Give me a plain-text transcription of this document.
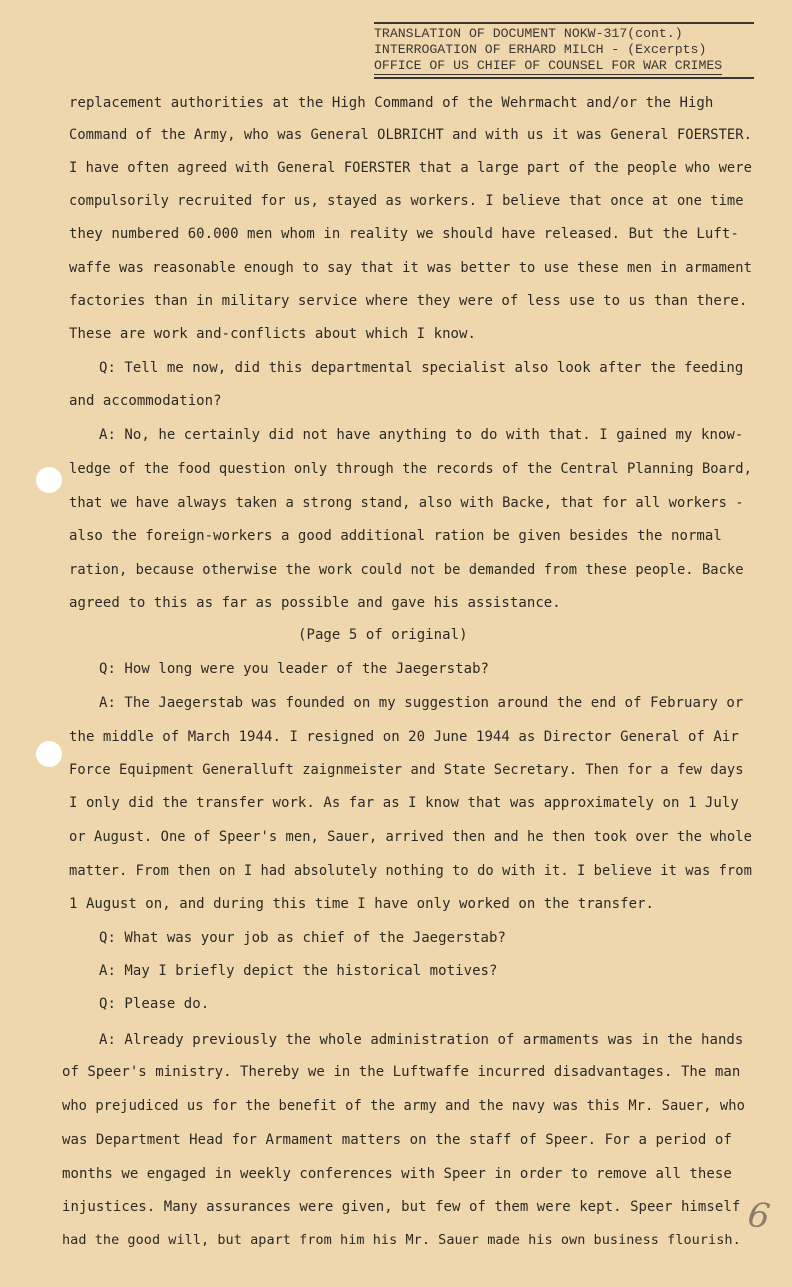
TRANSLATION OF DOCUMENT NOKW-317(cont.)
INTERROGATION OF ERHARD MILCH - (Excerpts)
OFFICE OF US CHIEF OF COUNSEL FOR WAR CRIMES
replacement authorities at the High Command of the Wehrmacht and/or the High
Command of the Army, who was General OLBRICHT and with us it was General FOERSTER.
I have often agreed with General FOERSTER that a large part of the people who were
compulsorily recruited for us, stayed as workers. I believe that once at one time
they numbered 60.000 men whom in reality we should have released. But the Luft-
waffe was reasonable enough to say that it was better to use these men in armament
factories than in military service where they were of less use to us than there.
These are work and-conflicts about which I know.
Q: Tell me now, did this departmental specialist also look after the feeding
and accommodation?
A: No, he certainly did not have anything to do with that. I gained my know-
ledge of the food question only through the records of the Central Planning Board,
that we have always taken a strong stand, also with Backe, that for all workers -
also the foreign-workers a good additional ration be given besides the normal
ration, because otherwise the work could not be demanded from these people. Backe
agreed to this as far as possible and gave his assistance.
(Page 5 of original)
Q: How long were you leader of the Jaegerstab?
A: The Jaegerstab was founded on my suggestion around the end of February or
the middle of March 1944. I resigned on 20 June 1944 as Director General of Air
Force Equipment Generalluft zaignmeister and State Secretary. Then for a few days
I only did the transfer work. As far as I know that was approximately on 1 July
or August. One of Speer's men, Sauer, arrived then and he then took over the whole
matter. From then on I had absolutely nothing to do with it. I believe it was from
1 August on, and during this time I have only worked on the transfer.
Q: What was your job as chief of the Jaegerstab?
A: May I briefly depict the historical motives?
Q: Please do.
A: Already previously the whole administration of armaments was in the hands
of Speer's ministry. Thereby we in the Luftwaffe incurred disadvantages. The man
who prejudiced us for the benefit of the army and the navy was this Mr. Sauer, who
was Department Head for Armament matters on the staff of Speer. For a period of
months we engaged in weekly conferences with Speer in order to remove all these
injustices. Many assurances were given, but few of them were kept. Speer himself
had the good will, but apart from him his Mr. Sauer made his own business flourish.
6
